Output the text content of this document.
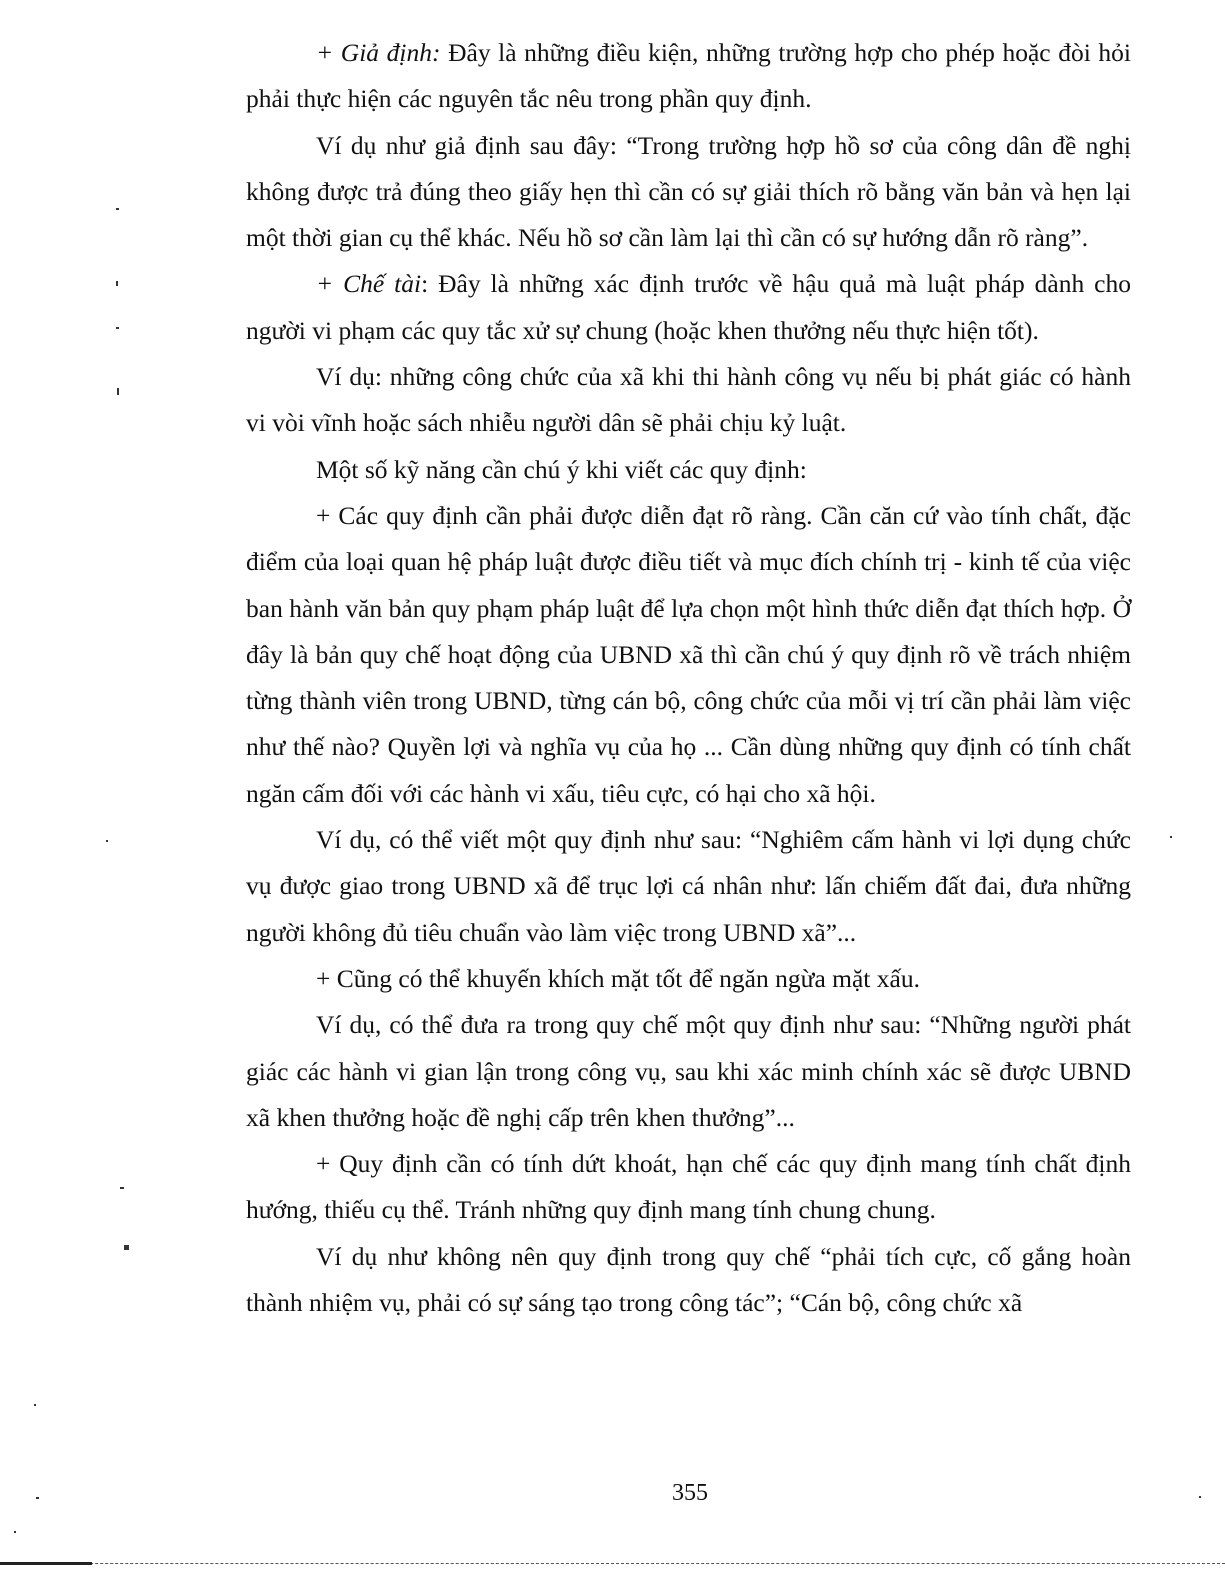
+ Giả định: Đây là những điều kiện, những trường hợp cho phép hoặc đòi hỏi phải thực hiện các nguyên tắc nêu trong phần quy định.

Ví dụ như giả định sau đây: “Trong trường hợp hồ sơ của công dân đề nghị không được trả đúng theo giấy hẹn thì cần có sự giải thích rõ bằng văn bản và hẹn lại một thời gian cụ thể khác. Nếu hồ sơ cần làm lại thì cần có sự hướng dẫn rõ ràng”.

+ Chế tài: Đây là những xác định trước về hậu quả mà luật pháp dành cho người vi phạm các quy tắc xử sự chung (hoặc khen thưởng nếu thực hiện tốt).

Ví dụ: những công chức của xã khi thi hành công vụ nếu bị phát giác có hành vi vòi vĩnh hoặc sách nhiễu người dân sẽ phải chịu kỷ luật.

Một số kỹ năng cần chú ý khi viết các quy định:

+ Các quy định cần phải được diễn đạt rõ ràng. Cần căn cứ vào tính chất, đặc điểm của loại quan hệ pháp luật được điều tiết và mục đích chính trị - kinh tế của việc ban hành văn bản quy phạm pháp luật để lựa chọn một hình thức diễn đạt thích hợp. Ở đây là bản quy chế hoạt động của UBND xã thì cần chú ý quy định rõ về trách nhiệm từng thành viên trong UBND, từng cán bộ, công chức của mỗi vị trí cần phải làm việc như thế nào? Quyền lợi và nghĩa vụ của họ ... Cần dùng những quy định có tính chất ngăn cấm đối với các hành vi xấu, tiêu cực, có hại cho xã hội.

Ví dụ, có thể viết một quy định như sau: “Nghiêm cấm hành vi lợi dụng chức vụ được giao trong UBND xã để trục lợi cá nhân như: lấn chiếm đất đai, đưa những người không đủ tiêu chuẩn vào làm việc trong UBND xã”...

+ Cũng có thể khuyến khích mặt tốt để ngăn ngừa mặt xấu.

Ví dụ, có thể đưa ra trong quy chế một quy định như sau: “Những người phát giác các hành vi gian lận trong công vụ, sau khi xác minh chính xác sẽ được UBND xã khen thưởng hoặc đề nghị cấp trên khen thưởng”...

+ Quy định cần có tính dứt khoát, hạn chế các quy định mang tính chất định hướng, thiếu cụ thể. Tránh những quy định mang tính chung chung.

Ví dụ như không nên quy định trong quy chế “phải tích cực, cố gắng hoàn thành nhiệm vụ, phải có sự sáng tạo trong công tác”; “Cán bộ, công chức xã

355
